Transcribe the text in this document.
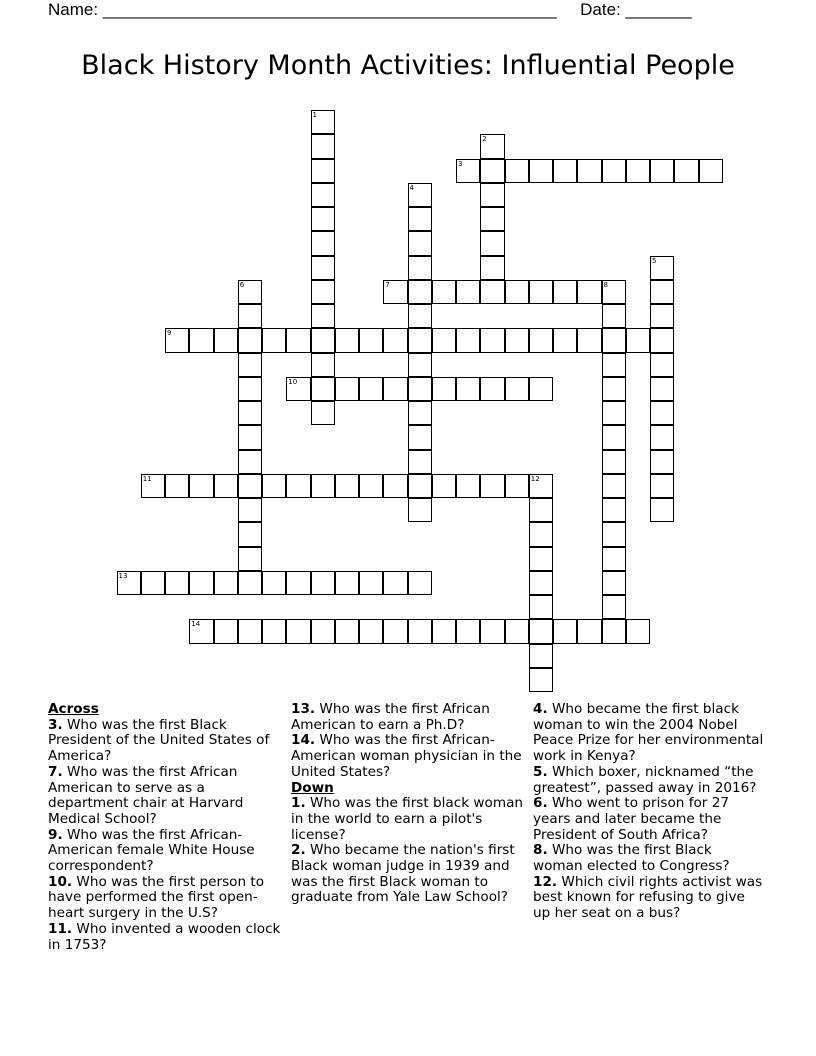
Name: ________________________________________________ Date: _______
Black History Month Activities: Influential People
1
2
3
4
5
6	7	8
9
10
11	12
13
14
Across
3. Who was the first Black President of the United States of America?
7. Who was the first African American to serve as a department chair at Harvard Medical School?
9. Who was the first African-American female White House correspondent?
10. Who was the first person to have performed the first open-heart surgery in the U.S?
11. Who invented a wooden clock in 1753?
13. Who was the first African American to earn a Ph.D?
14. Who was the first African-American woman physician in the United States?
Down
1. Who was the first black woman in the world to earn a pilot's license?
2. Who became the nation's first Black woman judge in 1939 and was the first Black woman to graduate from Yale Law School?
4. Who became the first black woman to win the 2004 Nobel Peace Prize for her environmental work in Kenya?
5. Which boxer, nicknamed “the greatest”, passed away in 2016?
6. Who went to prison for 27 years and later became the President of South Africa?
8. Who was the first Black woman elected to Congress?
12. Which civil rights activist was best known for refusing to give up her seat on a bus?
